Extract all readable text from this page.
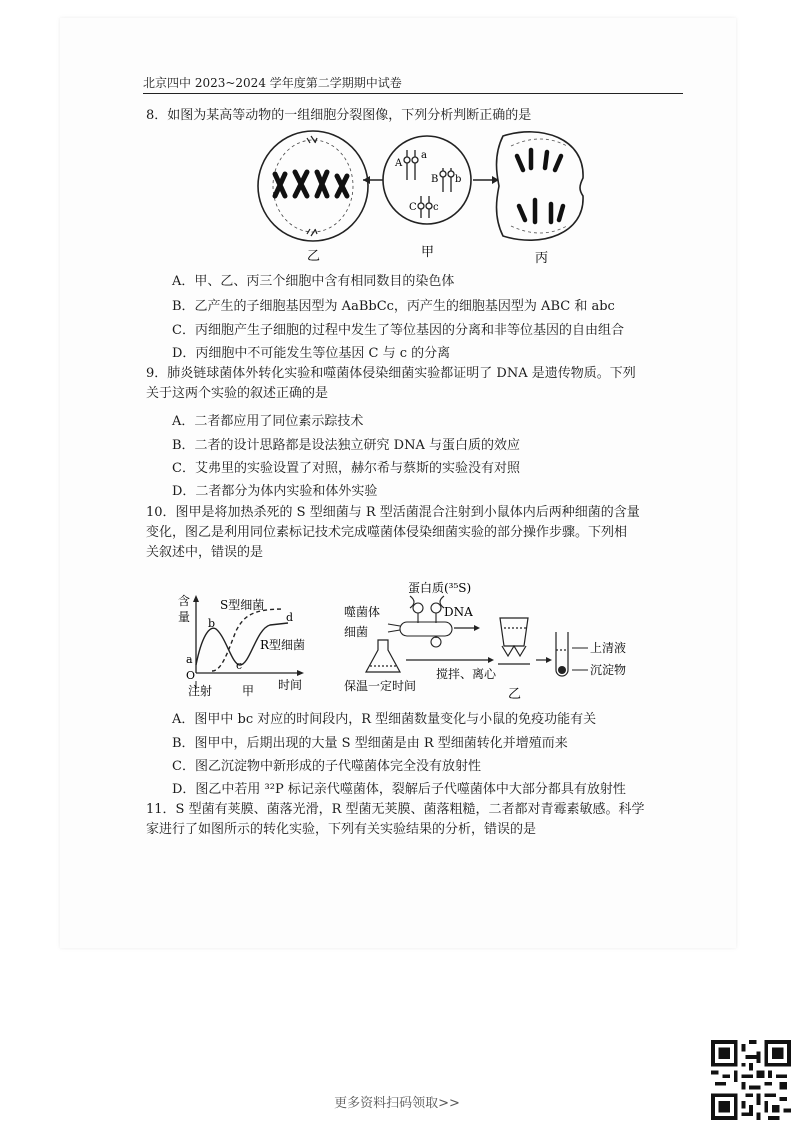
北京四中 2023~2024 学年度第二学期期中试卷
8．如图为某高等动物的一组细胞分裂图像，下列分析判断正确的是
乙
A
a
B b
C c
甲	丙
A．甲、乙、丙三个细胞中含有相同数目的染色体
B．乙产生的子细胞基因型为 AaBbCc，丙产生的细胞基因型为 ABC 和 abc
C．丙细胞产生子细胞的过程中发生了等位基因的分离和非等位基因的自由组合
D．丙细胞中不可能发生等位基因 C 与 c 的分离

9．肺炎链球菌体外转化实验和噬菌体侵染细菌实验都证明了 DNA 是遗传物质。下列

关于这两个实验的叙述正确的是

A．二者都应用了同位素示踪技术
B．二者的设计思路都是设法独立研究 DNA 与蛋白质的效应
C．艾弗里的实验设置了对照，赫尔希与蔡斯的实验没有对照
D．二者都分为体内实验和体外实验

10．图甲是将加热杀死的 S 型细菌与 R 型活菌混合注射到小鼠体内后两种细菌的含量

变化，图乙是利用同位素标记技术完成噬菌体侵染细菌实验的部分操作步骤。下列相

关叙述中，错误的是

含
量
S型细菌
R型细菌
a
b
c
d
O
注射 甲 时间
蛋白质(³⁵S)
噬菌体	DNA
细菌
保温一定时间
搅拌、离心
乙
上清液
沉淀物
A．图甲中 bc 对应的时间段内，R 型细菌数量变化与小鼠的免疫功能有关
B．图甲中，后期出现的大量 S 型细菌是由 R 型细菌转化并增殖而来
C．图乙沉淀物中新形成的子代噬菌体完全没有放射性
D．图乙中若用 ³²P 标记亲代噬菌体，裂解后子代噬菌体中大部分都具有放射性

11．S 型菌有荚膜、菌落光滑，R 型菌无荚膜、菌落粗糙，二者都对青霉素敏感。科学

家进行了如图所示的转化实验，下列有关实验结果的分析，错误的是

更多资料扫码领取>>
